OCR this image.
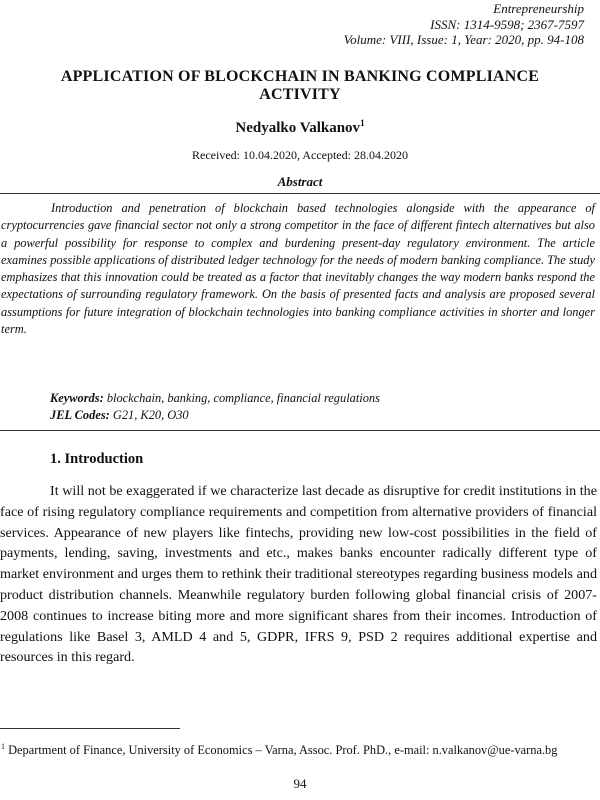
Entrepreneurship
ISSN: 1314-9598; 2367-7597
Volume: VIII, Issue: 1, Year: 2020, pp. 94-108
APPLICATION OF BLOCKCHAIN IN BANKING COMPLIANCE
ACTIVITY
Nedyalko Valkanov$^1$
Received: 10.04.2020, Accepted: 28.04.2020
Abstract

Introduction and penetration of blockchain based technologies alongside with the appearance of cryptocurrencies gave financial sector not only a strong competitor in the face of different fintech alternatives but also a powerful possibility for response to complex and burdening present-day regulatory environment. The article examines possible applications of distributed ledger technology for the needs of modern banking compliance. The study emphasizes that this innovation could be treated as a factor that inevitably changes the way modern banks respond the expectations of surrounding regulatory framework. On the basis of presented facts and analysis are proposed several assumptions for future integration of blockchain technologies into banking compliance activities in shorter and longer term.

Keywords: blockchain, banking, compliance, financial regulations
JEL Codes: G21, K20, O30
1. Introduction

It will not be exaggerated if we characterize last decade as disruptive for credit institutions in the face of rising regulatory compliance requirements and competition from alternative providers of financial services. Appearance of new players like fintechs, providing new low-cost possibilities in the field of payments, lending, saving, investments and etc., makes banks encounter radically different type of market environment and urges them to rethink their traditional stereotypes regarding business models and product distribution channels. Meanwhile regulatory burden following global financial crisis of 2007-2008 continues to increase biting more and more significant shares from their incomes. Introduction of regulations like Basel 3, AMLD 4 and 5, GDPR, IFRS 9, PSD 2 requires additional expertise and resources in this regard.

$^1$ Department of Finance, University of Economics – Varna, Assoc. Prof. PhD., e-mail: n.valkanov@ue-varna.bg

94
